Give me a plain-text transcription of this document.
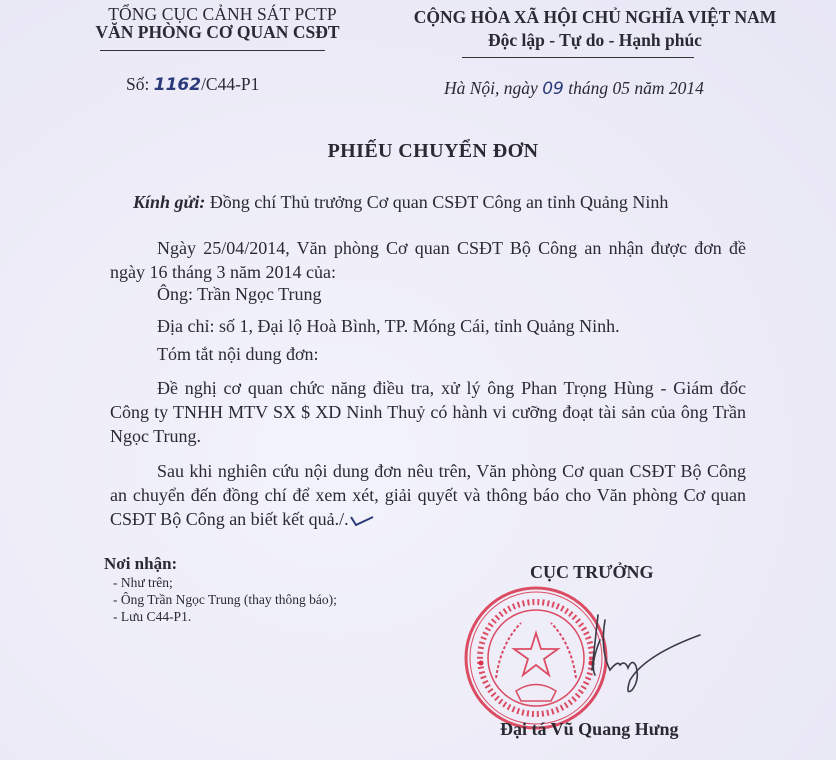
TỔNG CỤC CẢNH SÁT PCTP
VĂN PHÒNG CƠ QUAN CSĐT
CỘNG HÒA XÃ HỘI CHỦ NGHĨA VIỆT NAM
Độc lập - Tự do - Hạnh phúc
Số: 1162/C44-P1	Hà Nội, ngày 09 tháng 05 năm 2014
PHIẾU CHUYỂN ĐƠN
Kính gửi: Đồng chí Thủ trưởng Cơ quan CSĐT Công an tỉnh Quảng Ninh
Ngày 25/04/2014, Văn phòng Cơ quan CSĐT Bộ Công an nhận được đơn đề ngày 16 tháng 3 năm 2014 của:
Ông: Trần Ngọc Trung
Địa chỉ: số 1, Đại lộ Hoà Bình, TP. Móng Cái, tỉnh Quảng Ninh.
Tóm tắt nội dung đơn:
Đề nghị cơ quan chức năng điều tra, xử lý ông Phan Trọng Hùng - Giám đốc Công ty TNHH MTV SX $ XD Ninh Thuỷ có hành vi cưỡng đoạt tài sản của ông Trần Ngọc Trung.
Sau khi nghiên cứu nội dung đơn nêu trên, Văn phòng Cơ quan CSĐT Bộ Công an chuyển đến đồng chí để xem xét, giải quyết và thông báo cho Văn phòng Cơ quan CSĐT Bộ Công an biết kết quả./.
Nơi nhận:
- Như trên;
- Ông Trần Ngọc Trung (thay thông báo);
- Lưu C44-P1.
CỤC TRƯỞNG
Đại tá Vũ Quang Hưng
